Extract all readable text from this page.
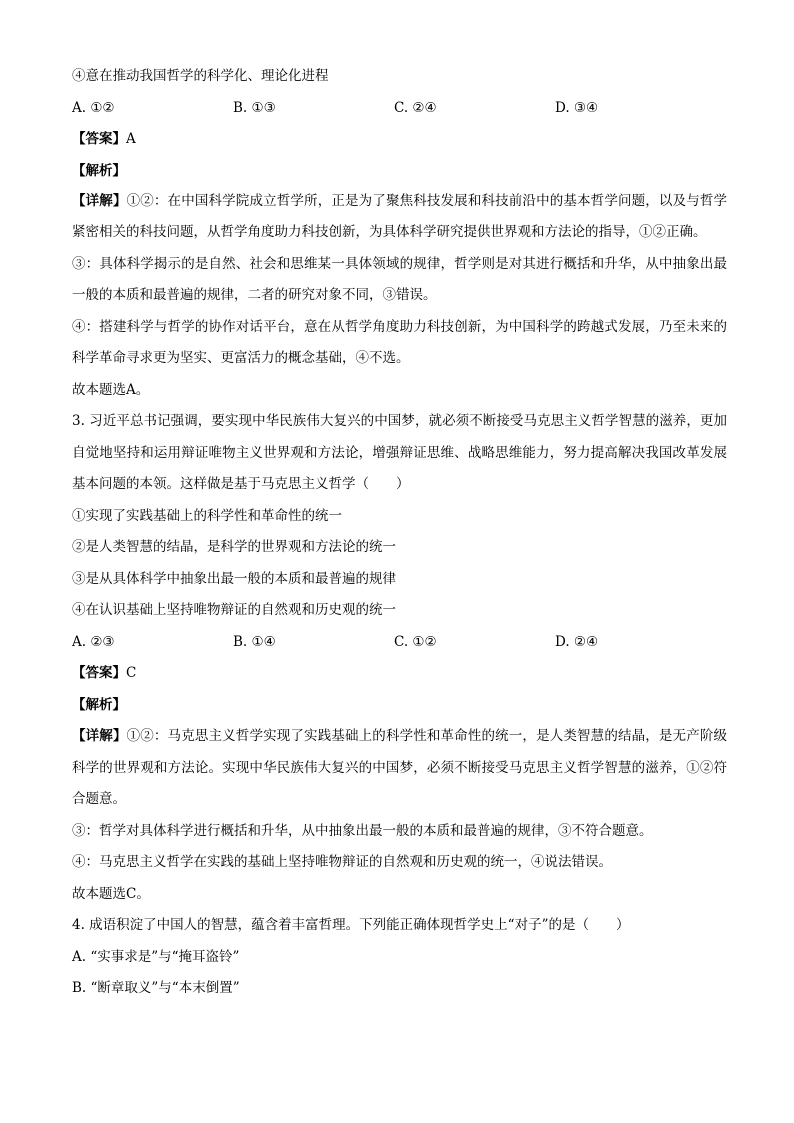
④意在推动我国哲学的科学化、理论化进程

A. ①②	B. ①③	C. ②④	D. ③④

【答案】A

【解析】

【详解】①②：在中国科学院成立哲学所，正是为了聚焦科技发展和科技前沿中的基本哲学问题，以及与哲学紧密相关的科技问题，从哲学角度助力科技创新，为具体科学研究提供世界观和方法论的指导，①②正确。

③：具体科学揭示的是自然、社会和思维某一具体领域的规律，哲学则是对其进行概括和升华，从中抽象出最一般的本质和最普遍的规律，二者的研究对象不同，③错误。

④：搭建科学与哲学的协作对话平台，意在从哲学角度助力科技创新，为中国科学的跨越式发展，乃至未来的科学革命寻求更为坚实、更富活力的概念基础，④不选。

故本题选A。

3. 习近平总书记强调，要实现中华民族伟大复兴的中国梦，就必须不断接受马克思主义哲学智慧的滋养，更加自觉地坚持和运用辩证唯物主义世界观和方法论，增强辩证思维、战略思维能力，努力提高解决我国改革发展基本问题的本领。这样做是基于马克思主义哲学（　　）

①实现了实践基础上的科学性和革命性的统一

②是人类智慧的结晶，是科学的世界观和方法论的统一

③是从具体科学中抽象出最一般的本质和最普遍的规律

④在认识基础上坚持唯物辩证的自然观和历史观的统一

A. ②③	B. ①④	C. ①②	D. ②④

【答案】C

【解析】

【详解】①②：马克思主义哲学实现了实践基础上的科学性和革命性的统一，是人类智慧的结晶，是无产阶级科学的世界观和方法论。实现中华民族伟大复兴的中国梦，必须不断接受马克思主义哲学智慧的滋养，①②符合题意。

③：哲学对具体科学进行概括和升华，从中抽象出最一般的本质和最普遍的规律，③不符合题意。

④：马克思主义哲学在实践的基础上坚持唯物辩证的自然观和历史观的统一，④说法错误。

故本题选C。

4. 成语积淀了中国人的智慧，蕴含着丰富哲理。下列能正确体现哲学史上“对子”的是（　　）

A. “实事求是”与“掩耳盗铃”

B. “断章取义”与“本末倒置”
